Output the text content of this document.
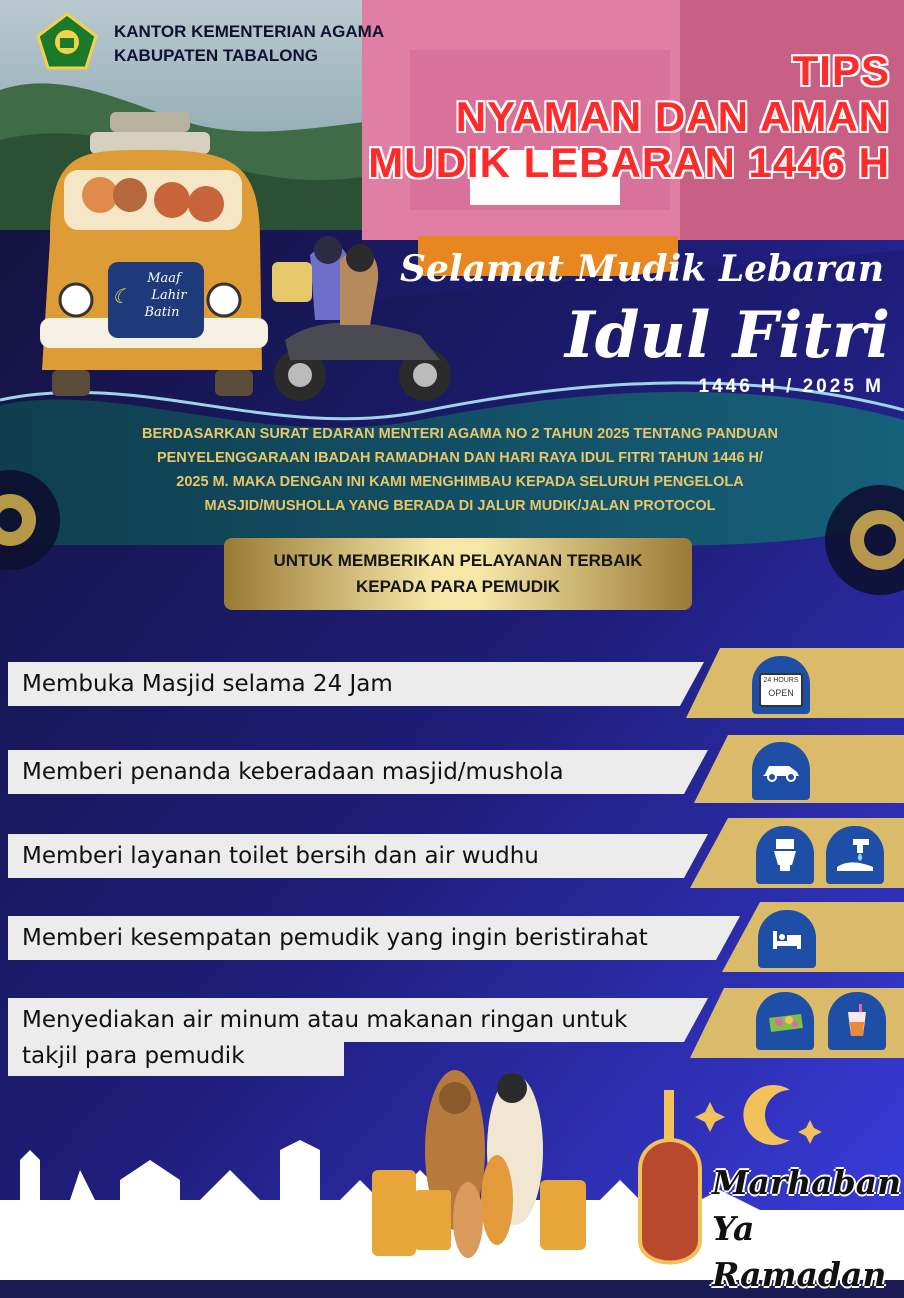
KANTOR KEMENTERIAN AGAMA
KABUPATEN TABALONG	TIPS
NYAMAN DAN AMAN
MUDIK LEBARAN 1446 H
☾
Maaf
Lahir
Batin
Selamat Mudik Lebaran
Idul Fitri
1446 H / 2025 M
BERDASARKAN SURAT EDARAN MENTERI AGAMA NO 2 TAHUN 2025 TENTANG PANDUAN
PENYELENGGARAAN IBADAH RAMADHAN DAN HARI RAYA IDUL FITRI TAHUN 1446 H/
2025 M. MAKA DENGAN INI KAMI MENGHIMBAU KEPADA SELURUH PENGELOLA
MASJID/MUSHOLLA YANG BERADA DI JALUR MUDIK/JALAN PROTOCOL
UNTUK MEMBERIKAN PELAYANAN TERBAIK
KEPADA PARA PEMUDIK
Membuka Masjid selama 24 Jam
Memberi penanda keberadaan masjid/mushola
Memberi layanan toilet bersih dan air wudhu
Memberi kesempatan pemudik yang ingin beristirahat
Menyediakan air minum atau makanan ringan untuk
takjil para pemudik
24 HOURS
OPEN
Marhaban
Ya Ramadan
